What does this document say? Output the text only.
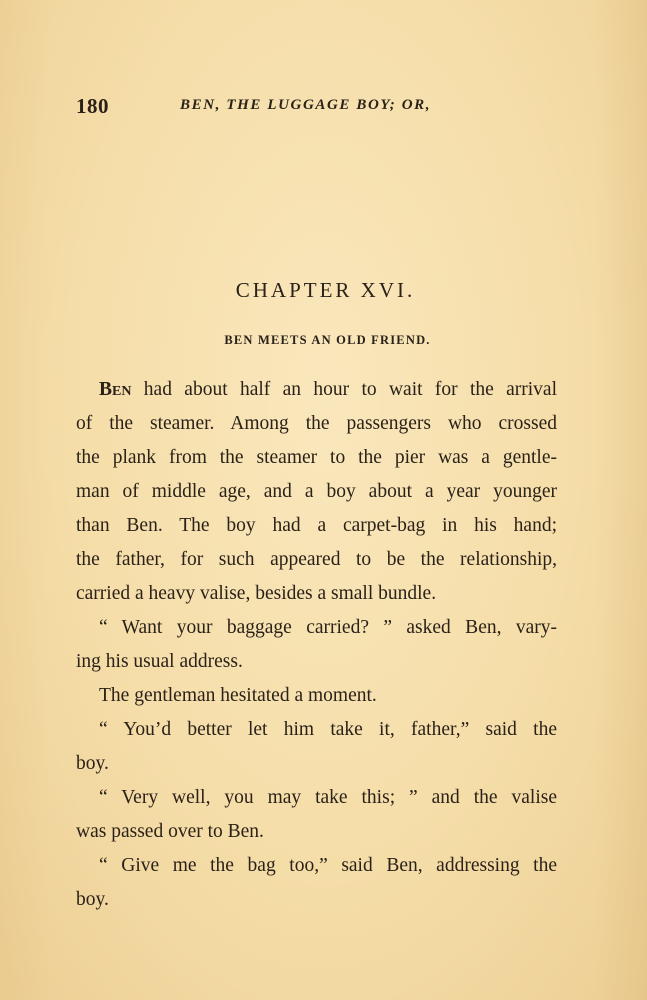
180	BEN, THE LUGGAGE BOY; OR,
CHAPTER XVI.
BEN MEETS AN OLD FRIEND.
Ben had about half an hour to wait for the arrival
of the steamer. Among the passengers who crossed
the plank from the steamer to the pier was a gentle-
man of middle age, and a boy about a year younger
than Ben. The boy had a carpet-bag in his hand;
the father, for such appeared to be the relationship,
carried a heavy valise, besides a small bundle.
“ Want your baggage carried? ” asked Ben, vary-
ing his usual address.
The gentleman hesitated a moment.
“ You’d better let him take it, father,” said the
boy.
“ Very well, you may take this; ” and the valise
was passed over to Ben.
“ Give me the bag too,” said Ben, addressing the
boy.
